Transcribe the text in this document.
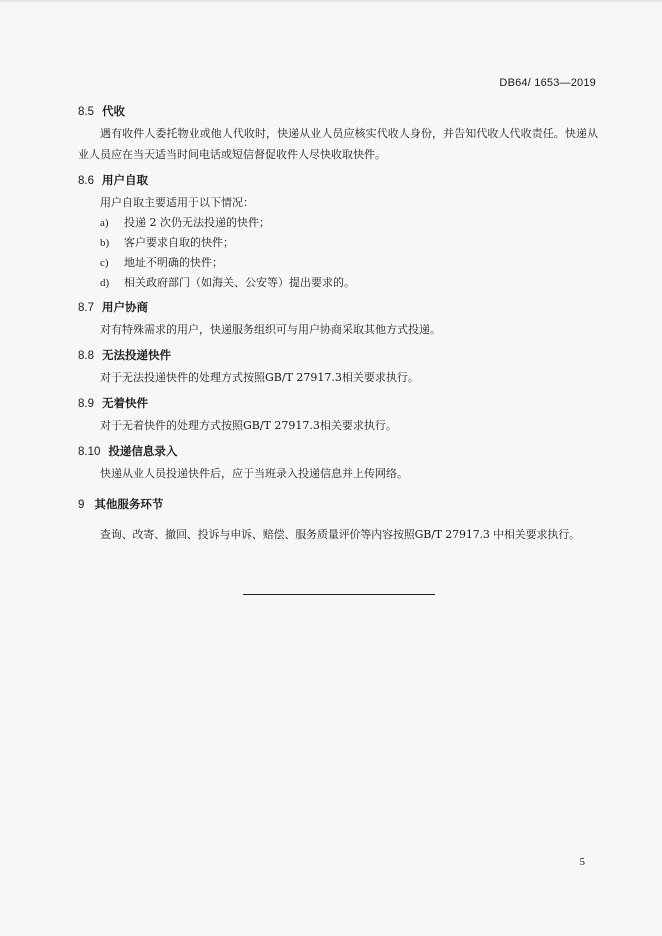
DB64/ 1653—2019
8.5 代收

遇有收件人委托物业或他人代收时，快递从业人员应核实代收人身份，并告知代收人代收责任。快递从业人员应在当天适当时间电话或短信督促收件人尽快收取快件。

8.6 用户自取

用户自取主要适用于以下情况：

a) 投递 2 次仍无法投递的快件；
b) 客户要求自取的快件；
c) 地址不明确的快件；
d) 相关政府部门（如海关、公安等）提出要求的。
8.7 用户协商

对有特殊需求的用户，快递服务组织可与用户协商采取其他方式投递。

8.8 无法投递快件

对于无法投递快件的处理方式按照GB/T 27917.3相关要求执行。

8.9 无着快件

对于无着快件的处理方式按照GB/T 27917.3相关要求执行。

8.10 投递信息录入

快递从业人员投递快件后，应于当班录入投递信息并上传网络。

9 其他服务环节

查询、改寄、撤回、投诉与申诉、赔偿、服务质量评价等内容按照GB/T 27917.3 中相关要求执行。

5
